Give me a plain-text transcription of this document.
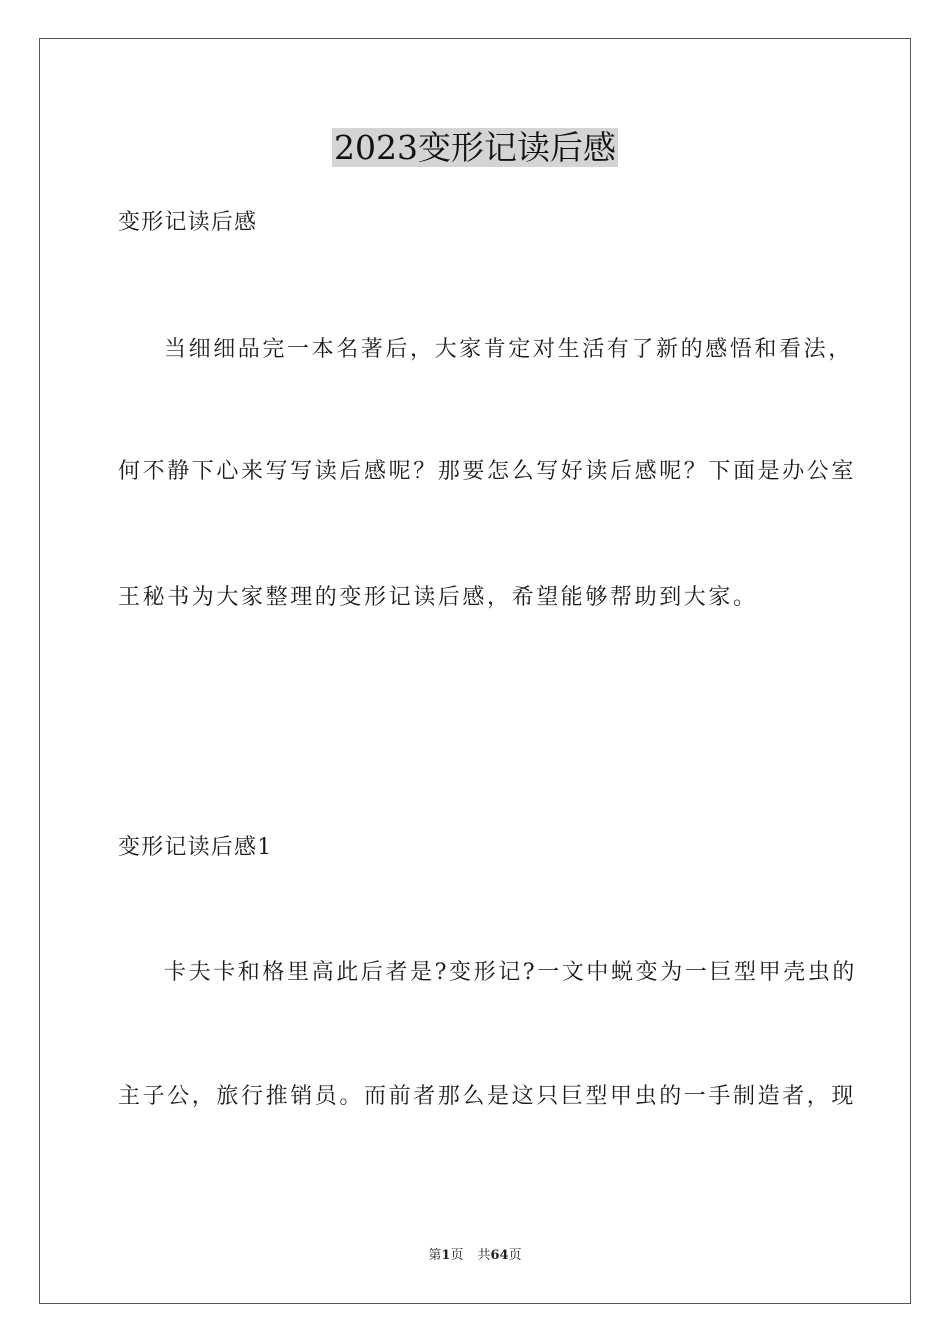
2023变形记读后感

变形记读后感

当细细品完一本名著后，大家肯定对生活有了新的感悟和看法，

何不静下心来写写读后感呢？那要怎么写好读后感呢？下面是办公室

王秘书为大家整理的变形记读后感，希望能够帮助到大家。

变形记读后感1

卡夫卡和格里高此后者是?变形记?一文中蜕变为一巨型甲壳虫的

主子公，旅行推销员。而前者那么是这只巨型甲虫的一手制造者，现

第1页 共64页
